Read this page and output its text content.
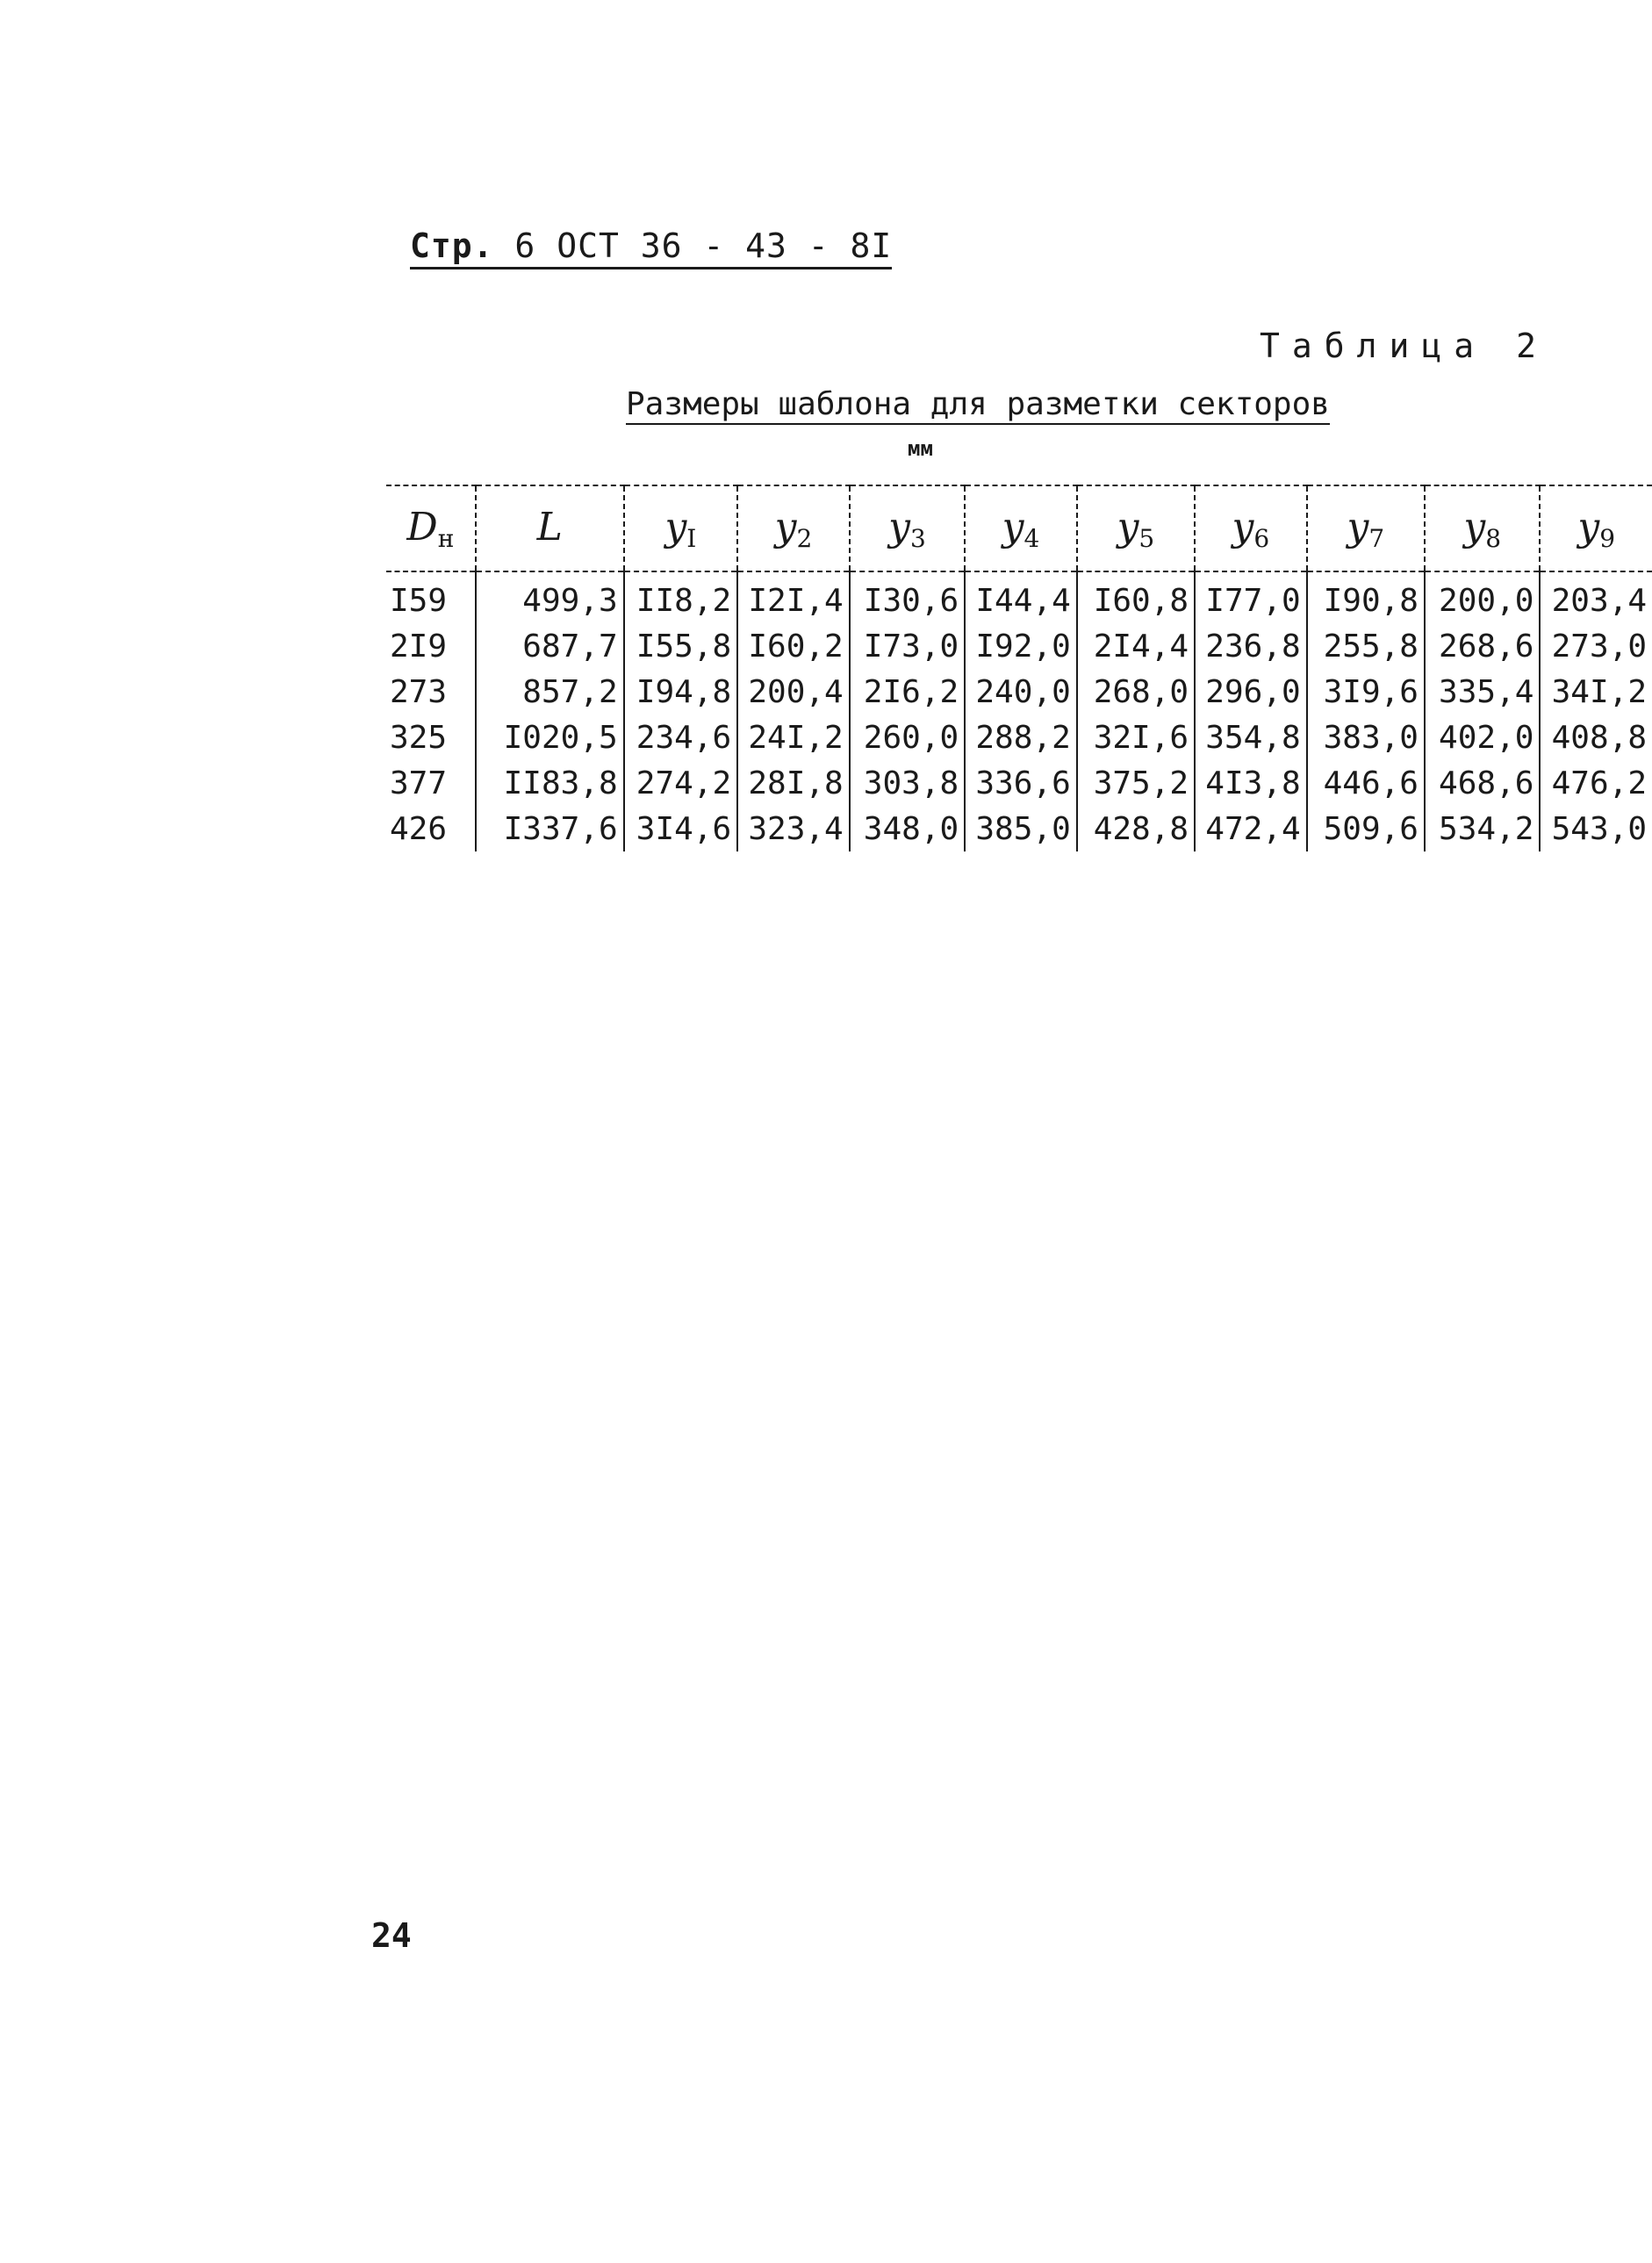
Стр. 6 ОСТ 36 - 43 - 8I
Таблица 2
Размеры шаблона для разметки секторов
мм
$D_н$	L	$y_I$	$y_2$	$y_3$	$y_4$	$y_5$	$y_6$	$y_7$	$y_8$	$y_9$
I59	499,3	II8,2	I2I,4	I30,6	I44,4	I60,8	I77,0	I90,8	200,0	203,4
2I9	687,7	I55,8	I60,2	I73,0	I92,0	2I4,4	236,8	255,8	268,6	273,0
273	857,2	I94,8	200,4	2I6,2	240,0	268,0	296,0	3I9,6	335,4	34I,2
325	I020,5	234,6	24I,2	260,0	288,2	32I,6	354,8	383,0	402,0	408,8
377	II83,8	274,2	28I,8	303,8	336,6	375,2	4I3,8	446,6	468,6	476,2
426	I337,6	3I4,6	323,4	348,0	385,0	428,8	472,4	509,6	534,2	543,0
24
